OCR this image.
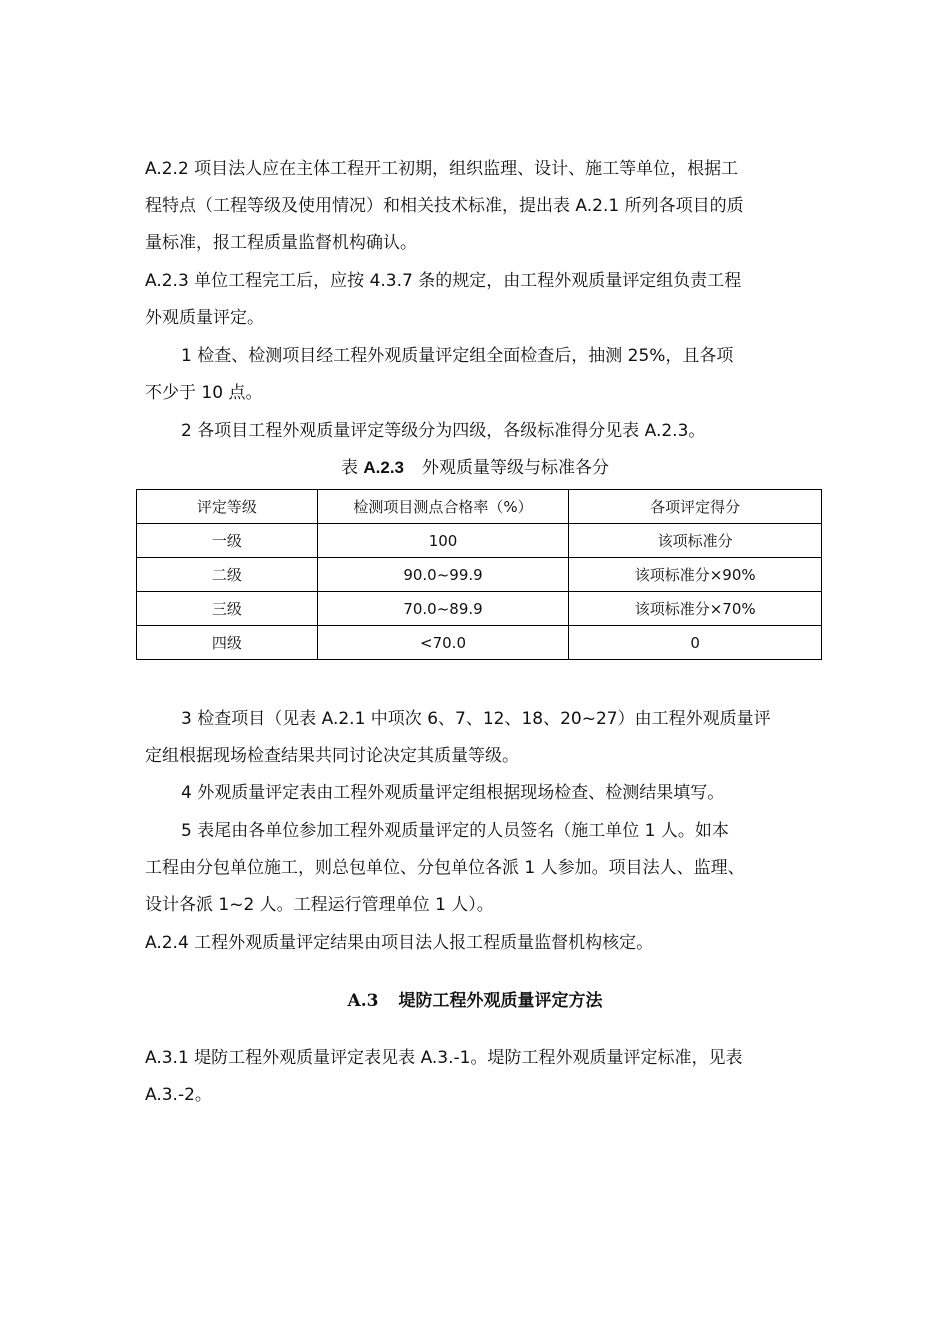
A.2.2 项目法人应在主体工程开工初期，组织监理、设计、施工等单位，根据工
程特点（工程等级及使用情况）和相关技术标准，提出表 A.2.1 所列各项目的质
量标准，报工程质量监督机构确认。
A.2.3 单位工程完工后，应按 4.3.7 条的规定，由工程外观质量评定组负责工程
外观质量评定。
1 检查、检测项目经工程外观质量评定组全面检查后，抽测 25%，且各项
不少于 10 点。
2 各项目工程外观质量评定等级分为四级，各级标准得分见表 A.2.3。
表 A.2.3 外观质量等级与标准各分
评定等级	检测项目测点合格率（%）	各项评定得分
一级	100	该项标准分
二级	90.0~99.9	该项标准分×90%
三级	70.0~89.9	该项标准分×70%
四级	<70.0	0
3 检查项目（见表 A.2.1 中项次 6、7、12、18、20~27）由工程外观质量评
定组根据现场检查结果共同讨论决定其质量等级。
4 外观质量评定表由工程外观质量评定组根据现场检查、检测结果填写。
5 表尾由各单位参加工程外观质量评定的人员签名（施工单位 1 人。如本
工程由分包单位施工，则总包单位、分包单位各派 1 人参加。项目法人、监理、
设计各派 1~2 人。工程运行管理单位 1 人）。
A.2.4 工程外观质量评定结果由项目法人报工程质量监督机构核定。
A.3 堤防工程外观质量评定方法
A.3.1 堤防工程外观质量评定表见表 A.3.-1。堤防工程外观质量评定标准，见表
A.3.-2。
